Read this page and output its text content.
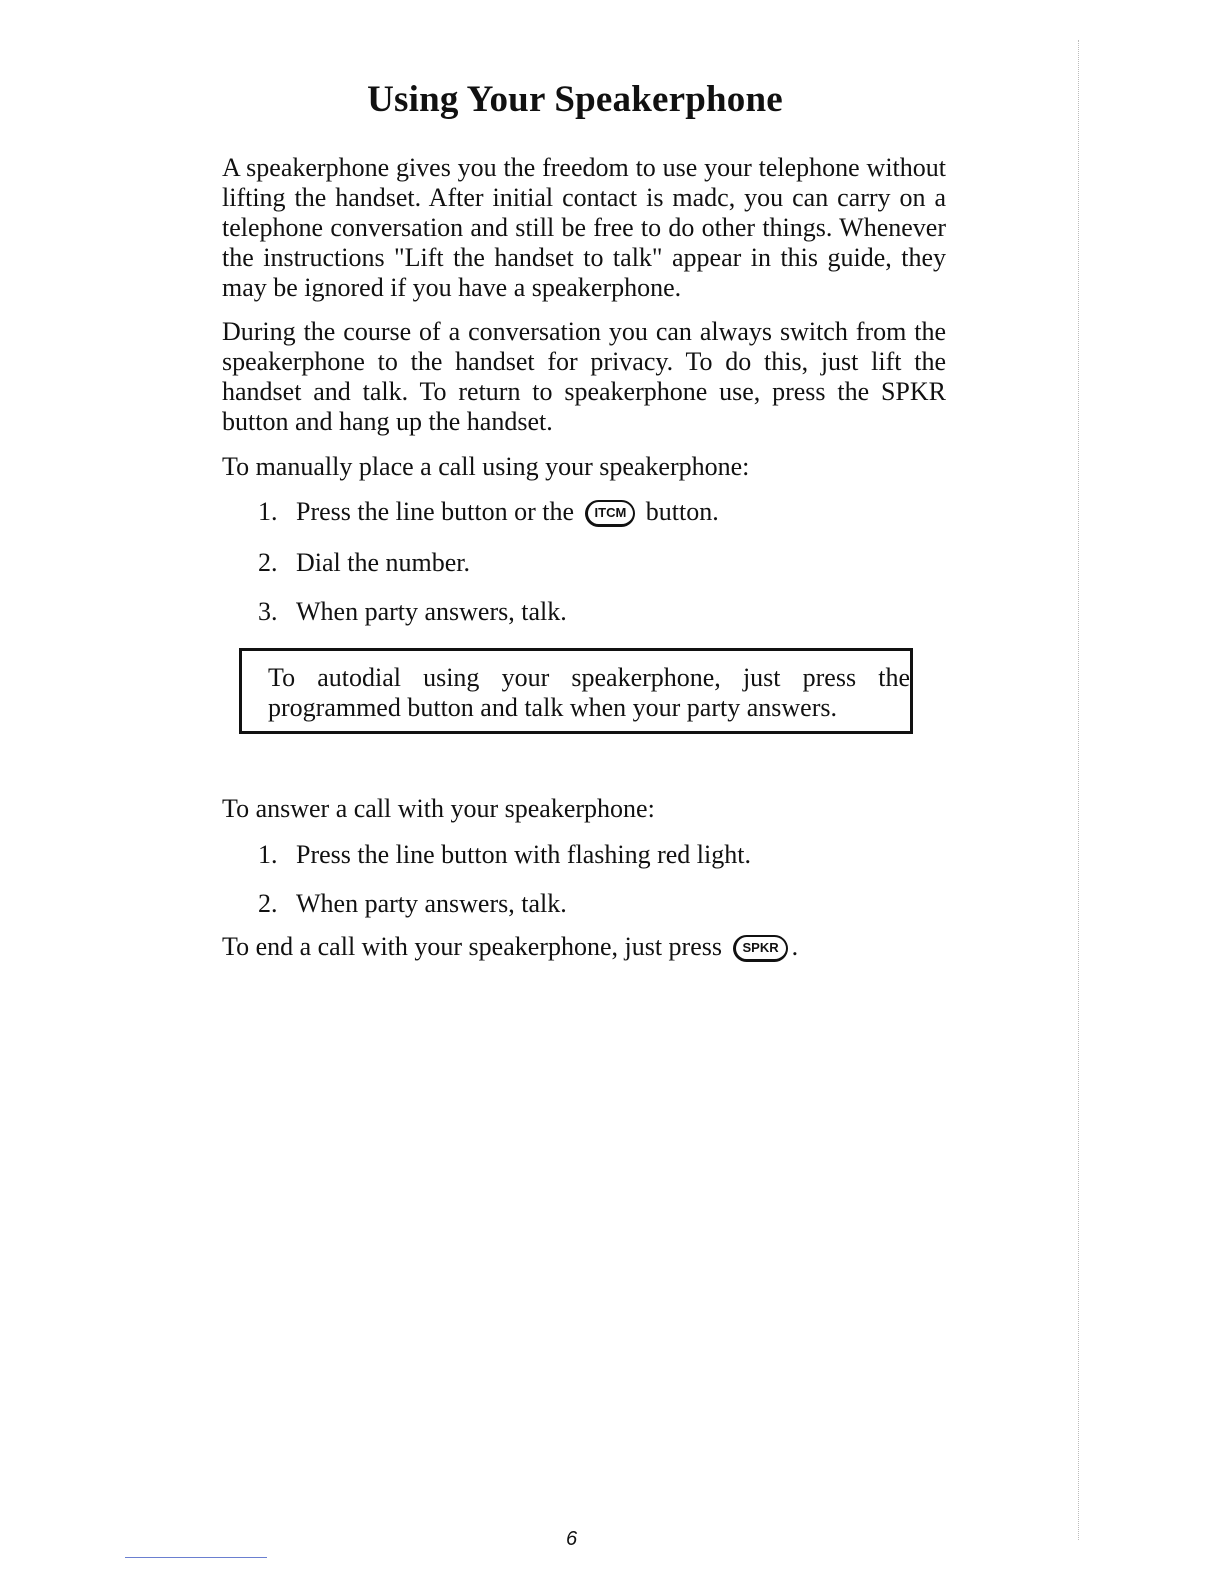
Using Your Speakerphone
A speakerphone gives you the freedom to use your telephone without lifting the handset. After initial contact is madc, you can carry on a telephone conversation and still be free to do other things. Whenever the instructions "Lift the handset to talk" appear in this guide, they may be ignored if you have a speakerphone.
During the course of a conversation you can always switch from the speakerphone to the handset for privacy. To do this, just lift the handset and talk. To return to speakerphone use, press the SPKR button and hang up the handset.
To manually place a call using your speakerphone:
1. Press the line button or the ITCM button.
2. Dial the number.
3. When party answers, talk.
To autodial using your speakerphone, just press the programmed button and talk when your party answers.
To answer a call with your speakerphone:
1. Press the line button with flashing red light.
2. When party answers, talk.
To end a call with your speakerphone, just press SPKR .
6
